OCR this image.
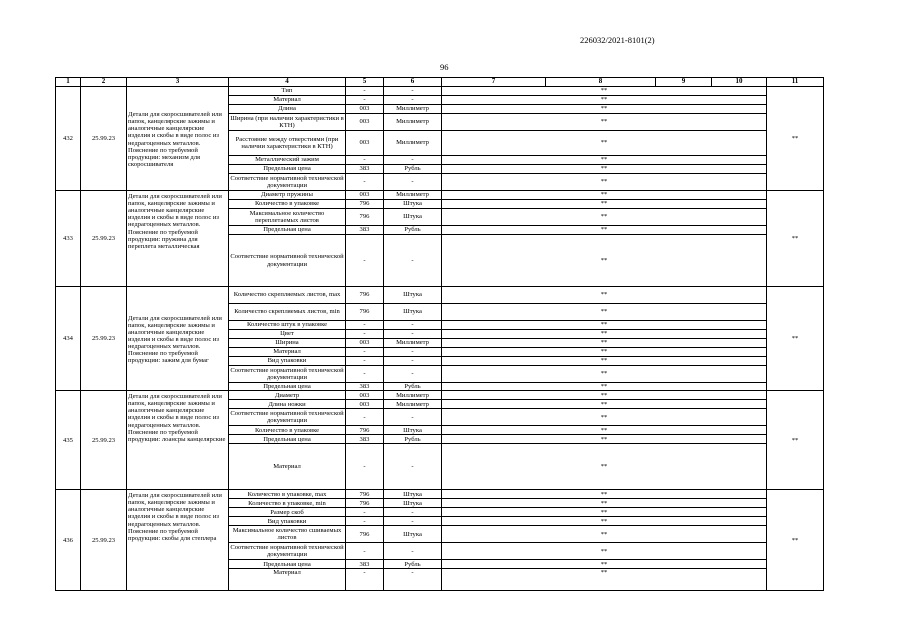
226032/2021-8101(2)
96
1	2	3	4	5	6	7	8	9	10	11
432	25.99.23	Детали для скоросшивателей или папок, канцелярские зажимы и аналогичные канцелярские изделия и скобы в виде полос из недрагоценных металлов. Пояснение по требуемой продукции: механизм для скоросшивателя	Тип	-	-	**				**
			Материал	-	-	**				
			Длина	003	Миллиметр	**				
			Ширина (при наличии характеристики в КТН)	003	Миллиметр	**				
			Расстояние между отверстиями (при наличии характеристики в КТН)	003	Миллиметр	**				
			Металлический зажим	-	-	**				
			Предельная цена	383	Рубль	**				
			Соответствие нормативной технической документации	-	-	**				
433	25.99.23	Детали для скоросшивателей или папок, канцелярские зажимы и аналогичные канцелярские изделия и скобы в виде полос из недрагоценных металлов. Пояснение по требуемой продукции: пружина для переплета металлическая	Диаметр пружины	003	Миллиметр	**				**
			Количество в упаковке	796	Штука	**				
			Максимальное количество переплетаемых листов	796	Штука	**				
			Предельная цена	383	Рубль	**				
			Соответствие нормативной технической документации	-	-	**				
434	25.99.23	Детали для скоросшивателей или папок, канцелярские зажимы и аналогичные канцелярские изделия и скобы в виде полос из недрагоценных металлов. Пояснение по требуемой продукции: зажим для бумаг	Количество скрепляемых листов, max	796	Штука	**				**
			Количество скрепляемых листов, min	796	Штука	**				
			Количество штук в упаковке	-	-	**				
			Цвет	-	-	**				
			Ширина	003	Миллиметр	**				
			Материал	-	-	**				
			Вид упаковки	-	-	**				
			Соответствие нормативной технической документации	-	-	**				
			Предельная цена	383	Рубль	**				
435	25.99.23	Детали для скоросшивателей или папок, канцелярские зажимы и аналогичные канцелярские изделия и скобы в виде полос из недрагоценных металлов. Пояснение по требуемой продукции: лоансры канцелярские	Диаметр	003	Миллиметр	**				**
			Длина ножки	003	Миллиметр	**				
			Соответствие нормативной технической документации	-	-	**				
			Количество в упаковке	796	Штука	**				
			Предельная цена	383	Рубль	**				
			Материал	-	-	**				
436	25.99.23	Детали для скоросшивателей или папок, канцелярские зажимы и аналогичные канцелярские изделия и скобы в виде полос из недрагоценных металлов. Пояснение по требуемой продукции: скобы для степлера	Количество в упаковке, max	796	Штука	**				**
			Количество в упаковке, min	796	Штука	**				
			Размер скоб	-	-	**				
			Вид упаковки	-	-	**				
			Максимальное количество сшиваемых листов	796	Штука	**				
			Соответствие нормативной технической документации	-	-	**				
			Предельная цена	383	Рубль	**				
			Материал	-	-	**				
